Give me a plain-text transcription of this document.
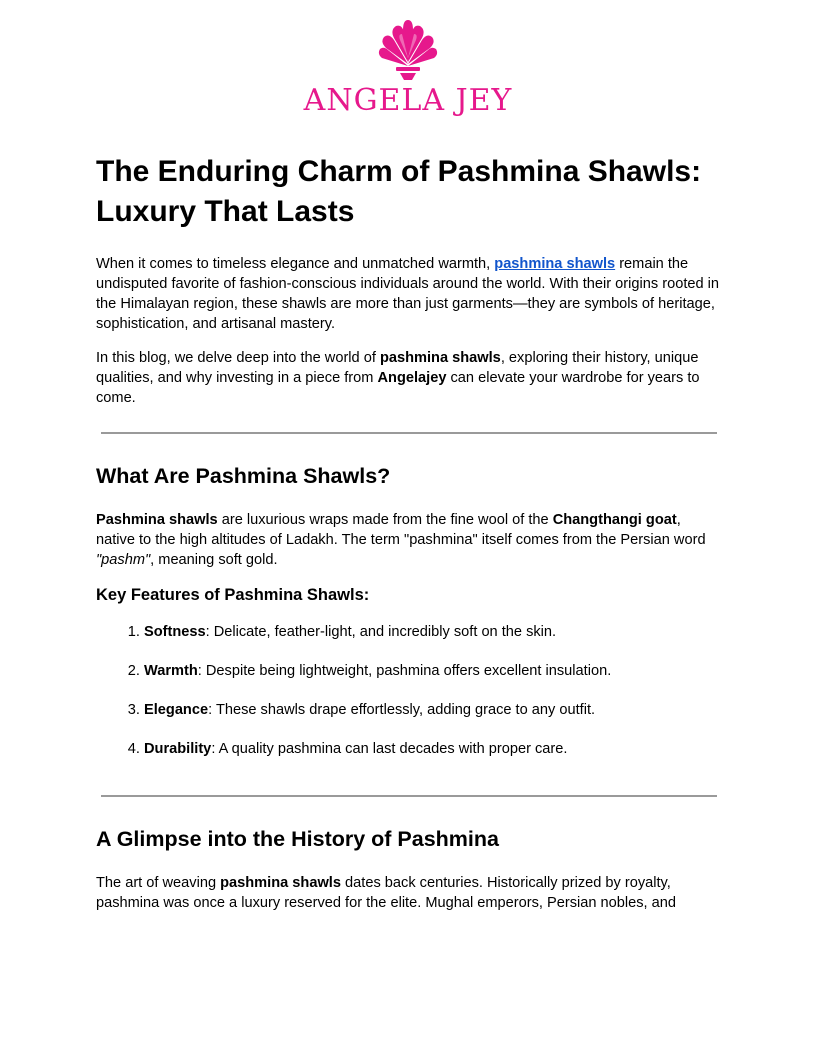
ANGELA JEY
The Enduring Charm of Pashmina Shawls: Luxury That Lasts

When it comes to timeless elegance and unmatched warmth, pashmina shawls remain the undisputed favorite of fashion-conscious individuals around the world. With their origins rooted in the Himalayan region, these shawls are more than just garments—they are symbols of heritage, sophistication, and artisanal mastery.

In this blog, we delve deep into the world of pashmina shawls, exploring their history, unique qualities, and why investing in a piece from Angelajey can elevate your wardrobe for years to come.

What Are Pashmina Shawls?

Pashmina shawls are luxurious wraps made from the fine wool of the Changthangi goat, native to the high altitudes of Ladakh. The term "pashmina" itself comes from the Persian word "pashm", meaning soft gold.

Key Features of Pashmina Shawls:
1. Softness: Delicate, feather-light, and incredibly soft on the skin.
2. Warmth: Despite being lightweight, pashmina offers excellent insulation.
3. Elegance: These shawls drape effortlessly, adding grace to any outfit.
4. Durability: A quality pashmina can last decades with proper care.
A Glimpse into the History of Pashmina

The art of weaving pashmina shawls dates back centuries. Historically prized by royalty, pashmina was once a luxury reserved for the elite. Mughal emperors, Persian nobles, and
